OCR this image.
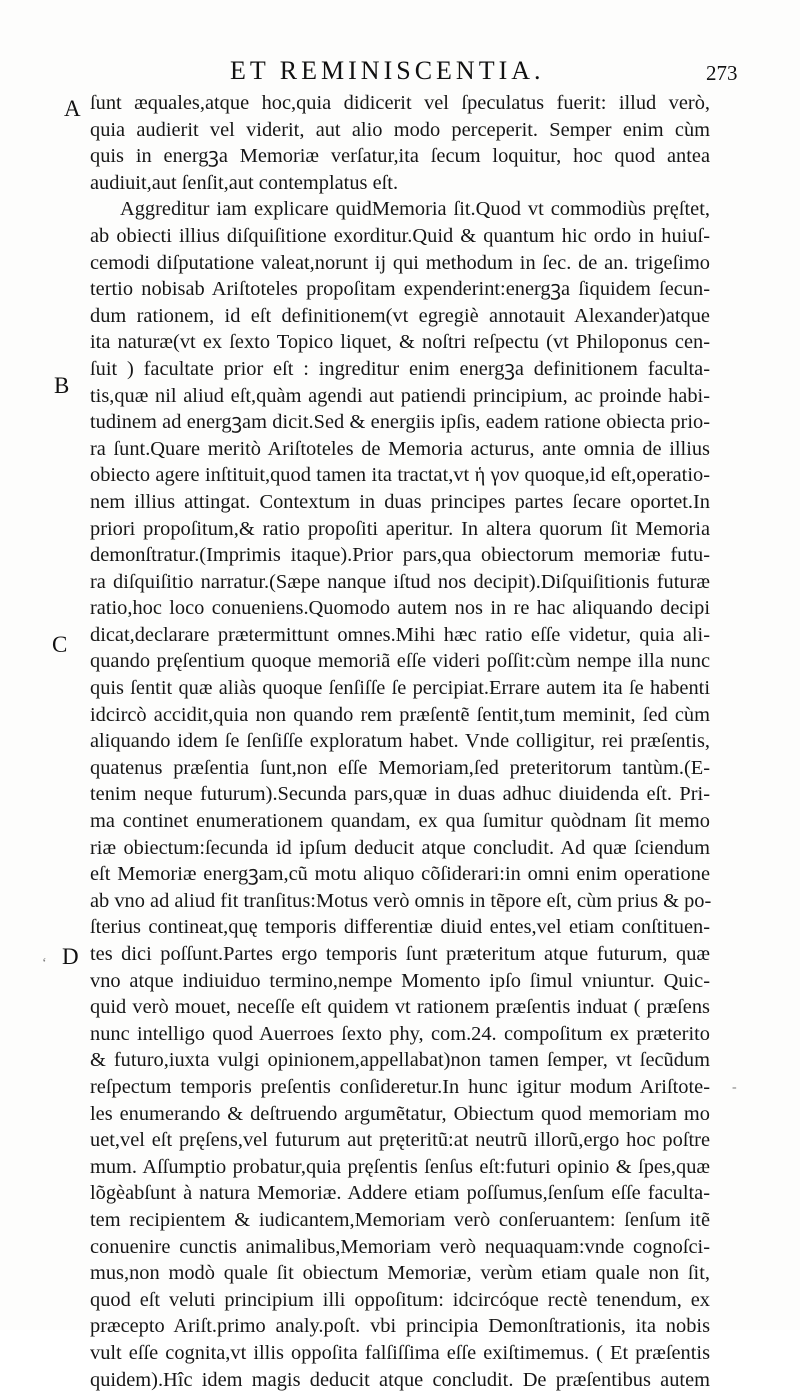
ET REMINISCENTIA.	273
A
B
C
D
ſunt æquales,atque hoc,quia didicerit vel ſpeculatus fuerit: illud verò,
quia audierit vel viderit, aut alio modo perceperit. Semper enim cùm
quis in energꝫa Memoriæ verſatur,ita ſecum loquitur, hoc quod antea
audiuit,aut ſenſit,aut contemplatus eſt.
Aggreditur iam explicare quidMemoria ſit.Quod vt commodiùs pręſtet,
ab obiecti illius diſquiſitione exorditur.Quid & quantum hic ordo in huiuſ-
cemodi diſputatione valeat,norunt ij qui methodum in ſec. de an. trigeſimo
tertio nobisab Ariſtoteles propoſitam expenderint:energꝫa ſiquidem ſecun-
dum rationem, id eſt definitionem(vt egregiè annotauit Alexander)atque
ita naturæ(vt ex ſexto Topico liquet, & noſtri reſpectu (vt Philoponus cen-
ſuit ) facultate prior eſt : ingreditur enim energꝫa definitionem faculta-
tis,quæ nil aliud eſt,quàm agendi aut patiendi principium, ac proinde habi-
tudinem ad energꝫam dicit.Sed & energiis ipſis, eadem ratione obiecta prio-
ra ſunt.Quare meritò Ariſtoteles de Memoria acturus, ante omnia de illius
obiecto agere inſtituit,quod tamen ita tractat,vt ἡ γον quoque,id eſt,operatio-
nem illius attingat. Contextum in duas principes partes ſecare oportet.In
priori propoſitum,& ratio propoſiti aperitur. In altera quorum ſit Memoria
demonſtratur.(Imprimis itaque).Prior pars,qua obiectorum memoriæ futu-
ra diſquiſitio narratur.(Sæpe nanque iſtud nos decipit).Diſquiſitionis futuræ
ratio,hoc loco conueniens.Quomodo autem nos in re hac aliquando decipi
dicat,declarare prætermittunt omnes.Mihi hæc ratio eſſe videtur, quia ali-
quando pręſentium quoque memoriã eſſe videri poſſit:cùm nempe illa nunc
quis ſentit quæ aliàs quoque ſenſiſſe ſe percipiat.Errare autem ita ſe habenti
idcircò accidit,quia non quando rem præſentẽ ſentit,tum meminit, ſed cùm
aliquando idem ſe ſenſiſſe exploratum habet. Vnde colligitur, rei præſentis,
quatenus præſentia ſunt,non eſſe Memoriam,ſed preteritorum tantùm.(E-
tenim neque futurum).Secunda pars,quæ in duas adhuc diuidenda eſt. Pri-
ma continet enumerationem quandam, ex qua ſumitur quòdnam ſit memo
riæ obiectum:ſecunda id ipſum deducit atque concludit. Ad quæ ſciendum
eſt Memoriæ energꝫam,cũ motu aliquo cõſiderari:in omni enim operatione
ab vno ad aliud fit tranſitus:Motus verò omnis in tẽpore eſt, cùm prius & po-
ſterius contineat,quę temporis differentiæ diuid entes,vel etiam conſtituen-
tes dici poſſunt.Partes ergo temporis ſunt præteritum atque futurum, quæ
vno atque indiuiduo termino,nempe Momento ipſo ſimul vniuntur. Quic-
quid verò mouet, neceſſe eſt quidem vt rationem præſentis induat ( præſens
nunc intelligo quod Auerroes ſexto phy, com.24. compoſitum ex præterito
& futuro,iuxta vulgi opinionem,appellabat)non tamen ſemper, vt ſecũdum
reſpectum temporis preſentis conſideretur.In hunc igitur modum Ariſtote-
les enumerando & deſtruendo argumẽtatur, Obiectum quod memoriam mo
uet,vel eſt pręſens,vel futurum aut pręteritũ:at neutrũ illorũ,ergo hoc poſtre
mum. Aſſumptio probatur,quia pręſentis ſenſus eſt:futuri opinio & ſpes,quæ
lõgèabſunt à natura Memoriæ. Addere etiam poſſumus,ſenſum eſſe faculta-
tem recipientem & iudicantem,Memoriam verò conſeruantem: ſenſum itẽ
conuenire cunctis animalibus,Memoriam verò nequaquam:vnde cognoſci-
mus,non modò quale ſit obiectum Memoriæ, verùm etiam quale non ſit,
quod eſt veluti principium illi oppoſitum: idcircóque rectè tenendum, ex
præcepto Ariſt.primo analy.poſt. vbi principia Demonſtrationis, ita nobis
vult eſſe cognita,vt illis oppoſita falſiſſima eſſe exiſtimemus. ( Et præſentis
quidem).Hîc idem magis deducit atque concludit. De præſentibus autem
ʻ
-
